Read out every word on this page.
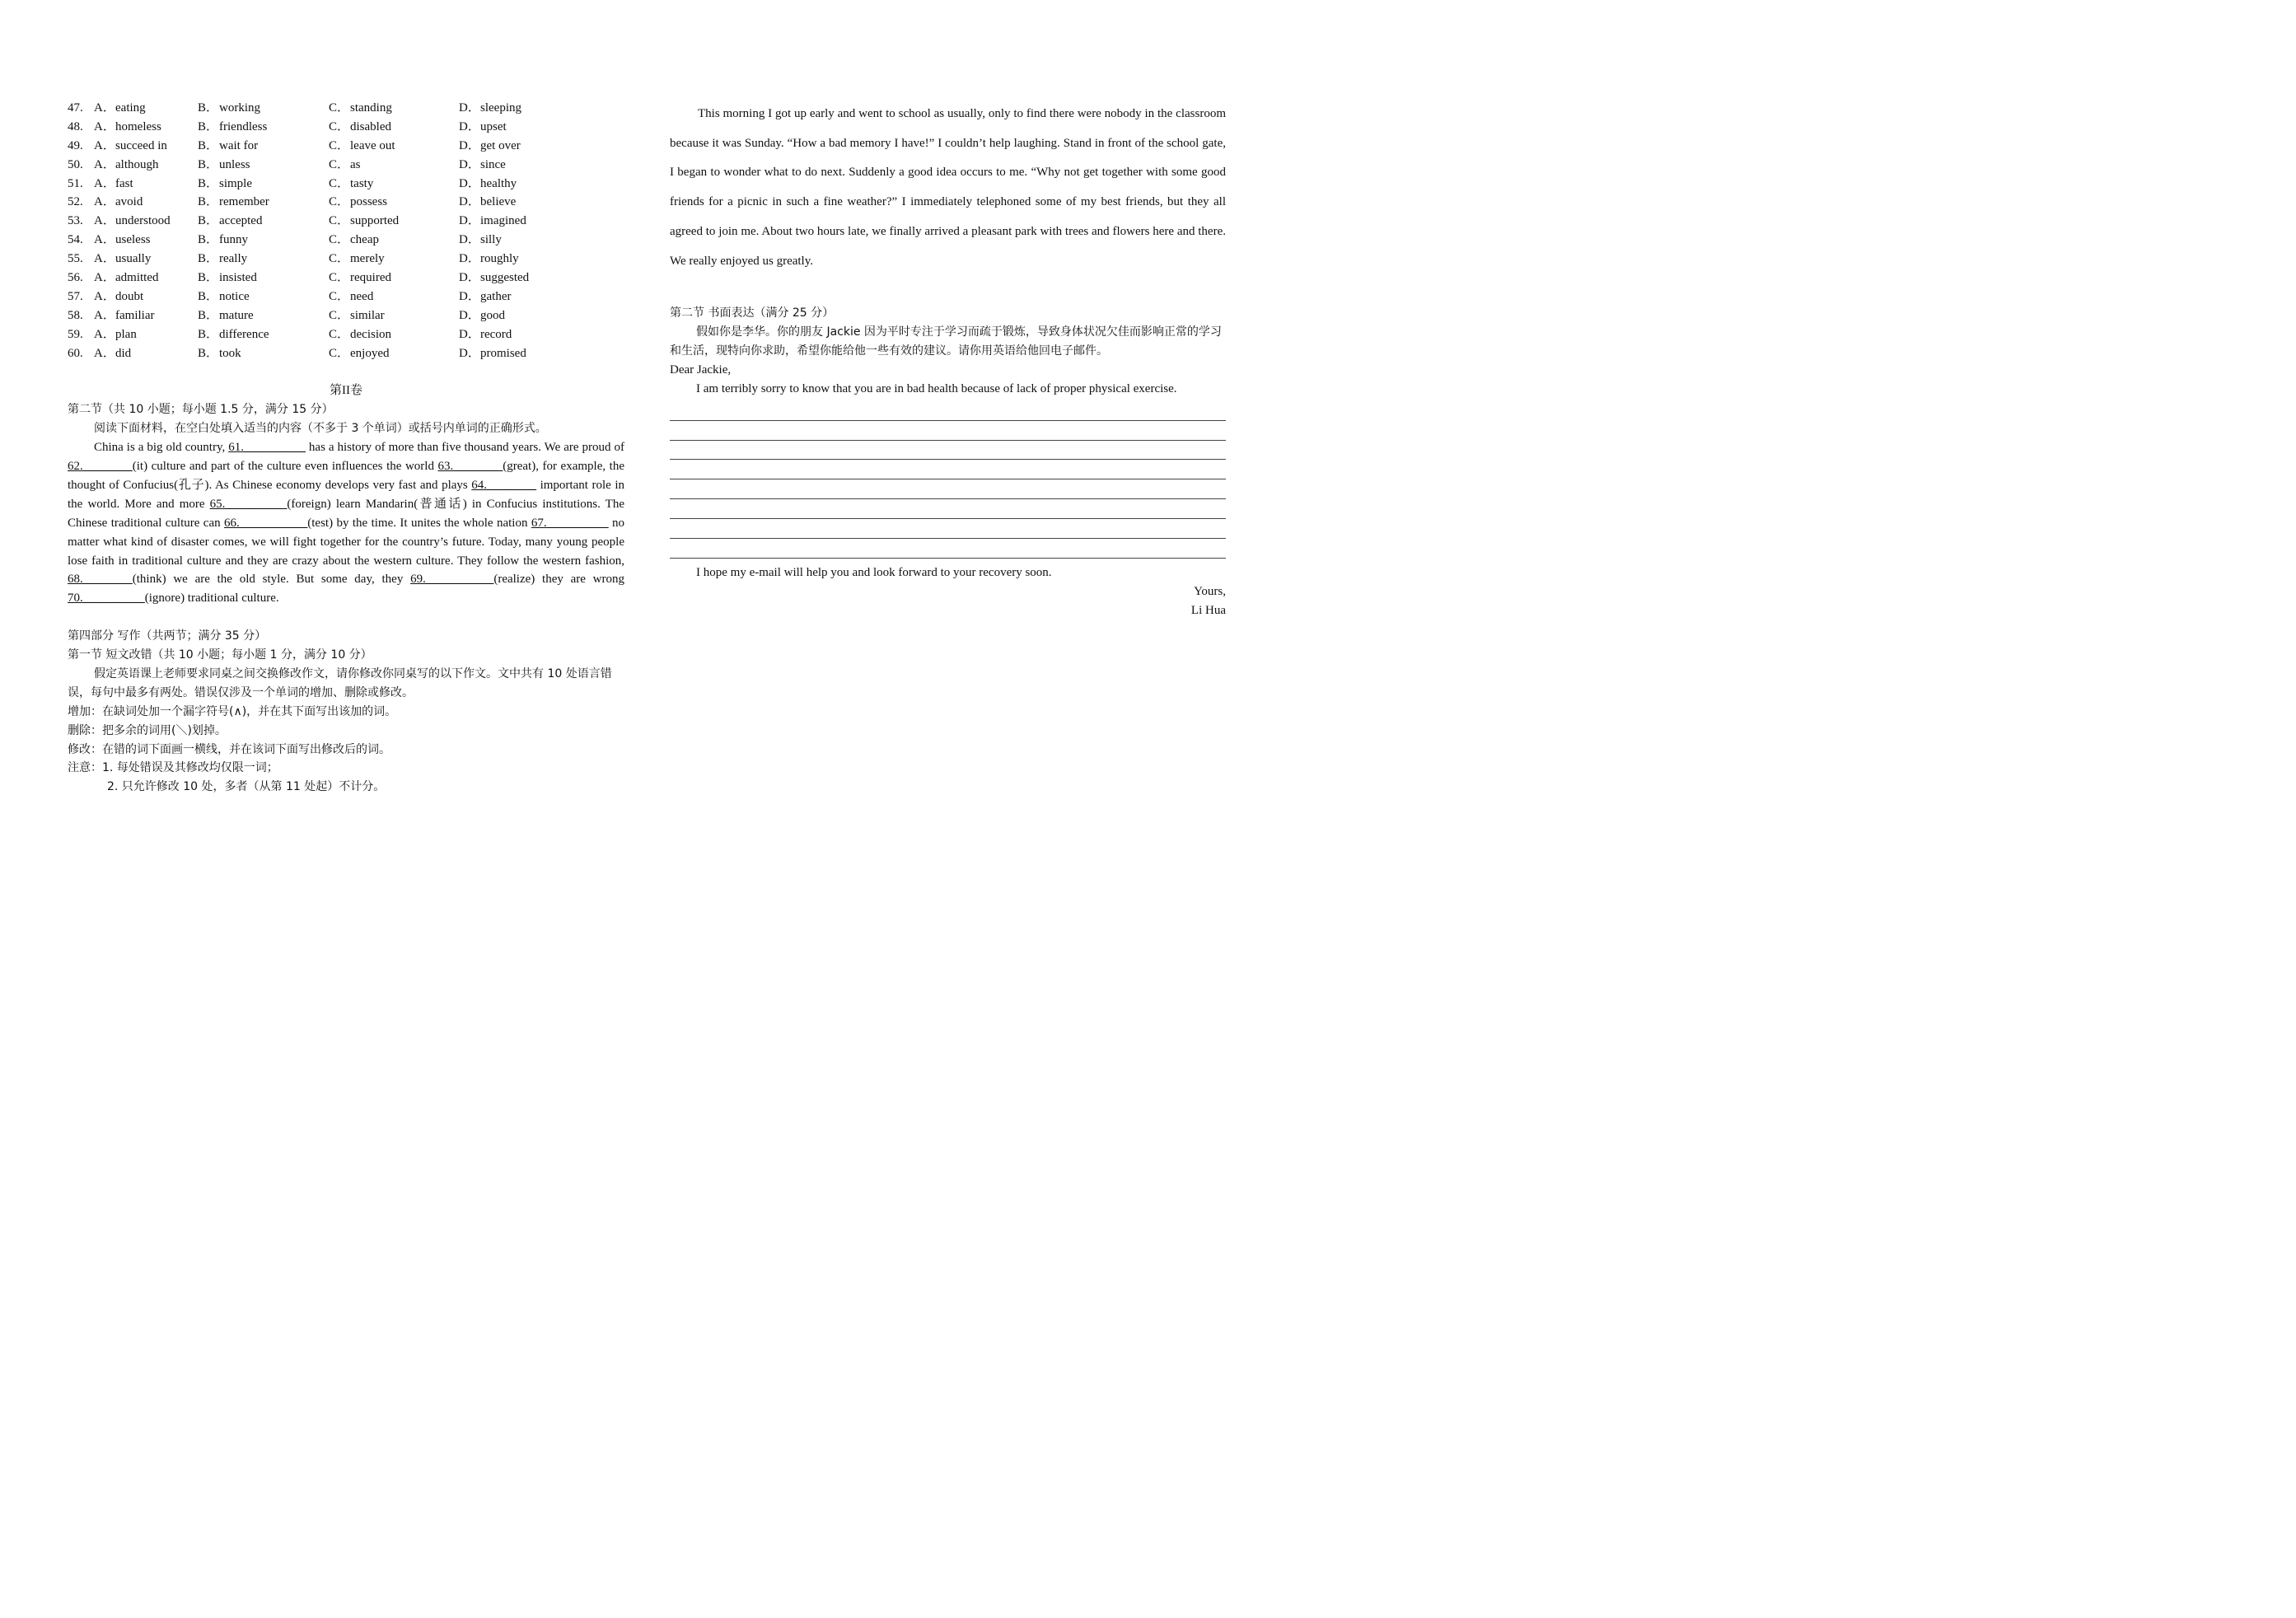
47. A．eating	B．working	C．standing	D．sleeping
48. A．homeless	B．friendless	C．disabled	D．upset
49. A．succeed in B．wait for	C．leave out	D．get over
50. A．although	B．unless	C．as	D．since
51. A．fast	B．simple	C．tasty	D．healthy
52. A．avoid	B．remember	C．possess	D．believe
53. A．understood B．accepted	C．supported	D．imagined
54. A．useless	B．funny	C．cheap	D．silly
55. A．usually	B．really	C．merely	D．roughly
56. A．admitted	B．insisted	C．required	D．suggested
57. A．doubt	B．notice	C．need	D．gather
58. A．familiar	B．mature	C．similar	D．good
59. A．plan	B．difference	C．decision	D．record
60. A．did	B．took	C．enjoyed	D．promised

第II卷

第二节（共 10 小题；每小题 1.5 分，满分 15 分）

阅读下面材料，在空白处填入适当的内容（不多于 3 个单词）或括号内单词的正确形式。

China is a big old country, 61.__________ has a history of more than five thousand years. We are proud of 62.________(it) culture and part of the culture even influences the world 63.________(great), for example, the thought of Confucius(孔子). As Chinese economy develops very fast and plays 64.________ important role in the world. More and more 65.__________(foreign) learn Mandarin(普通话) in Confucius institutions. The Chinese traditional culture can 66.___________(test) by the time. It unites the whole nation 67.__________ no matter what kind of disaster comes, we will fight together for the country’s future. Today, many young people lose faith in traditional culture and they are crazy about the western culture. They follow the western fashion, 68.________(think) we are the old style. But some day, they 69.___________(realize) they are wrong 70.__________(ignore) traditional culture.

第四部分 写作（共两节；满分 35 分）

第一节 短文改错（共 10 小题；每小题 1 分，满分 10 分）

假定英语课上老师要求同桌之间交换修改作文，请你修改你同桌写的以下作文。文中共有 10 处语言错误，每句中最多有两处。错误仅涉及一个单词的增加、删除或修改。

增加：在缺词处加一个漏字符号(∧)，并在其下面写出该加的词。

删除：把多余的词用(＼)划掉。

修改：在错的词下面画一横线，并在该词下面写出修改后的词。

注意：1. 每处错误及其修改均仅限一词；

2. 只允许修改 10 处，多者（从第 11 处起）不计分。

This morning I got up early and went to school as usually, only to find there were nobody in the classroom because it was Sunday. “How a bad memory I have!” I couldn’t help laughing. Stand in front of the school gate, I began to wonder what to do next. Suddenly a good idea occurs to me. “Why not get together with some good friends for a picnic in such a fine weather?” I immediately telephoned some of my best friends, but they all agreed to join me. About two hours late, we finally arrived a pleasant park with trees and flowers here and there. We really enjoyed us greatly.

第二节 书面表达（满分 25 分）

假如你是李华。你的朋友 Jackie 因为平时专注于学习而疏于锻炼，导致身体状况欠佳而影响正常的学习和生活，现特向你求助，希望你能给他一些有效的建议。请你用英语给他回电子邮件。

Dear Jackie,

I am terribly sorry to know that you are in bad health because of lack of proper physical exercise.

I hope my e-mail will help you and look forward to your recovery soon.

Yours,

Li Hua
